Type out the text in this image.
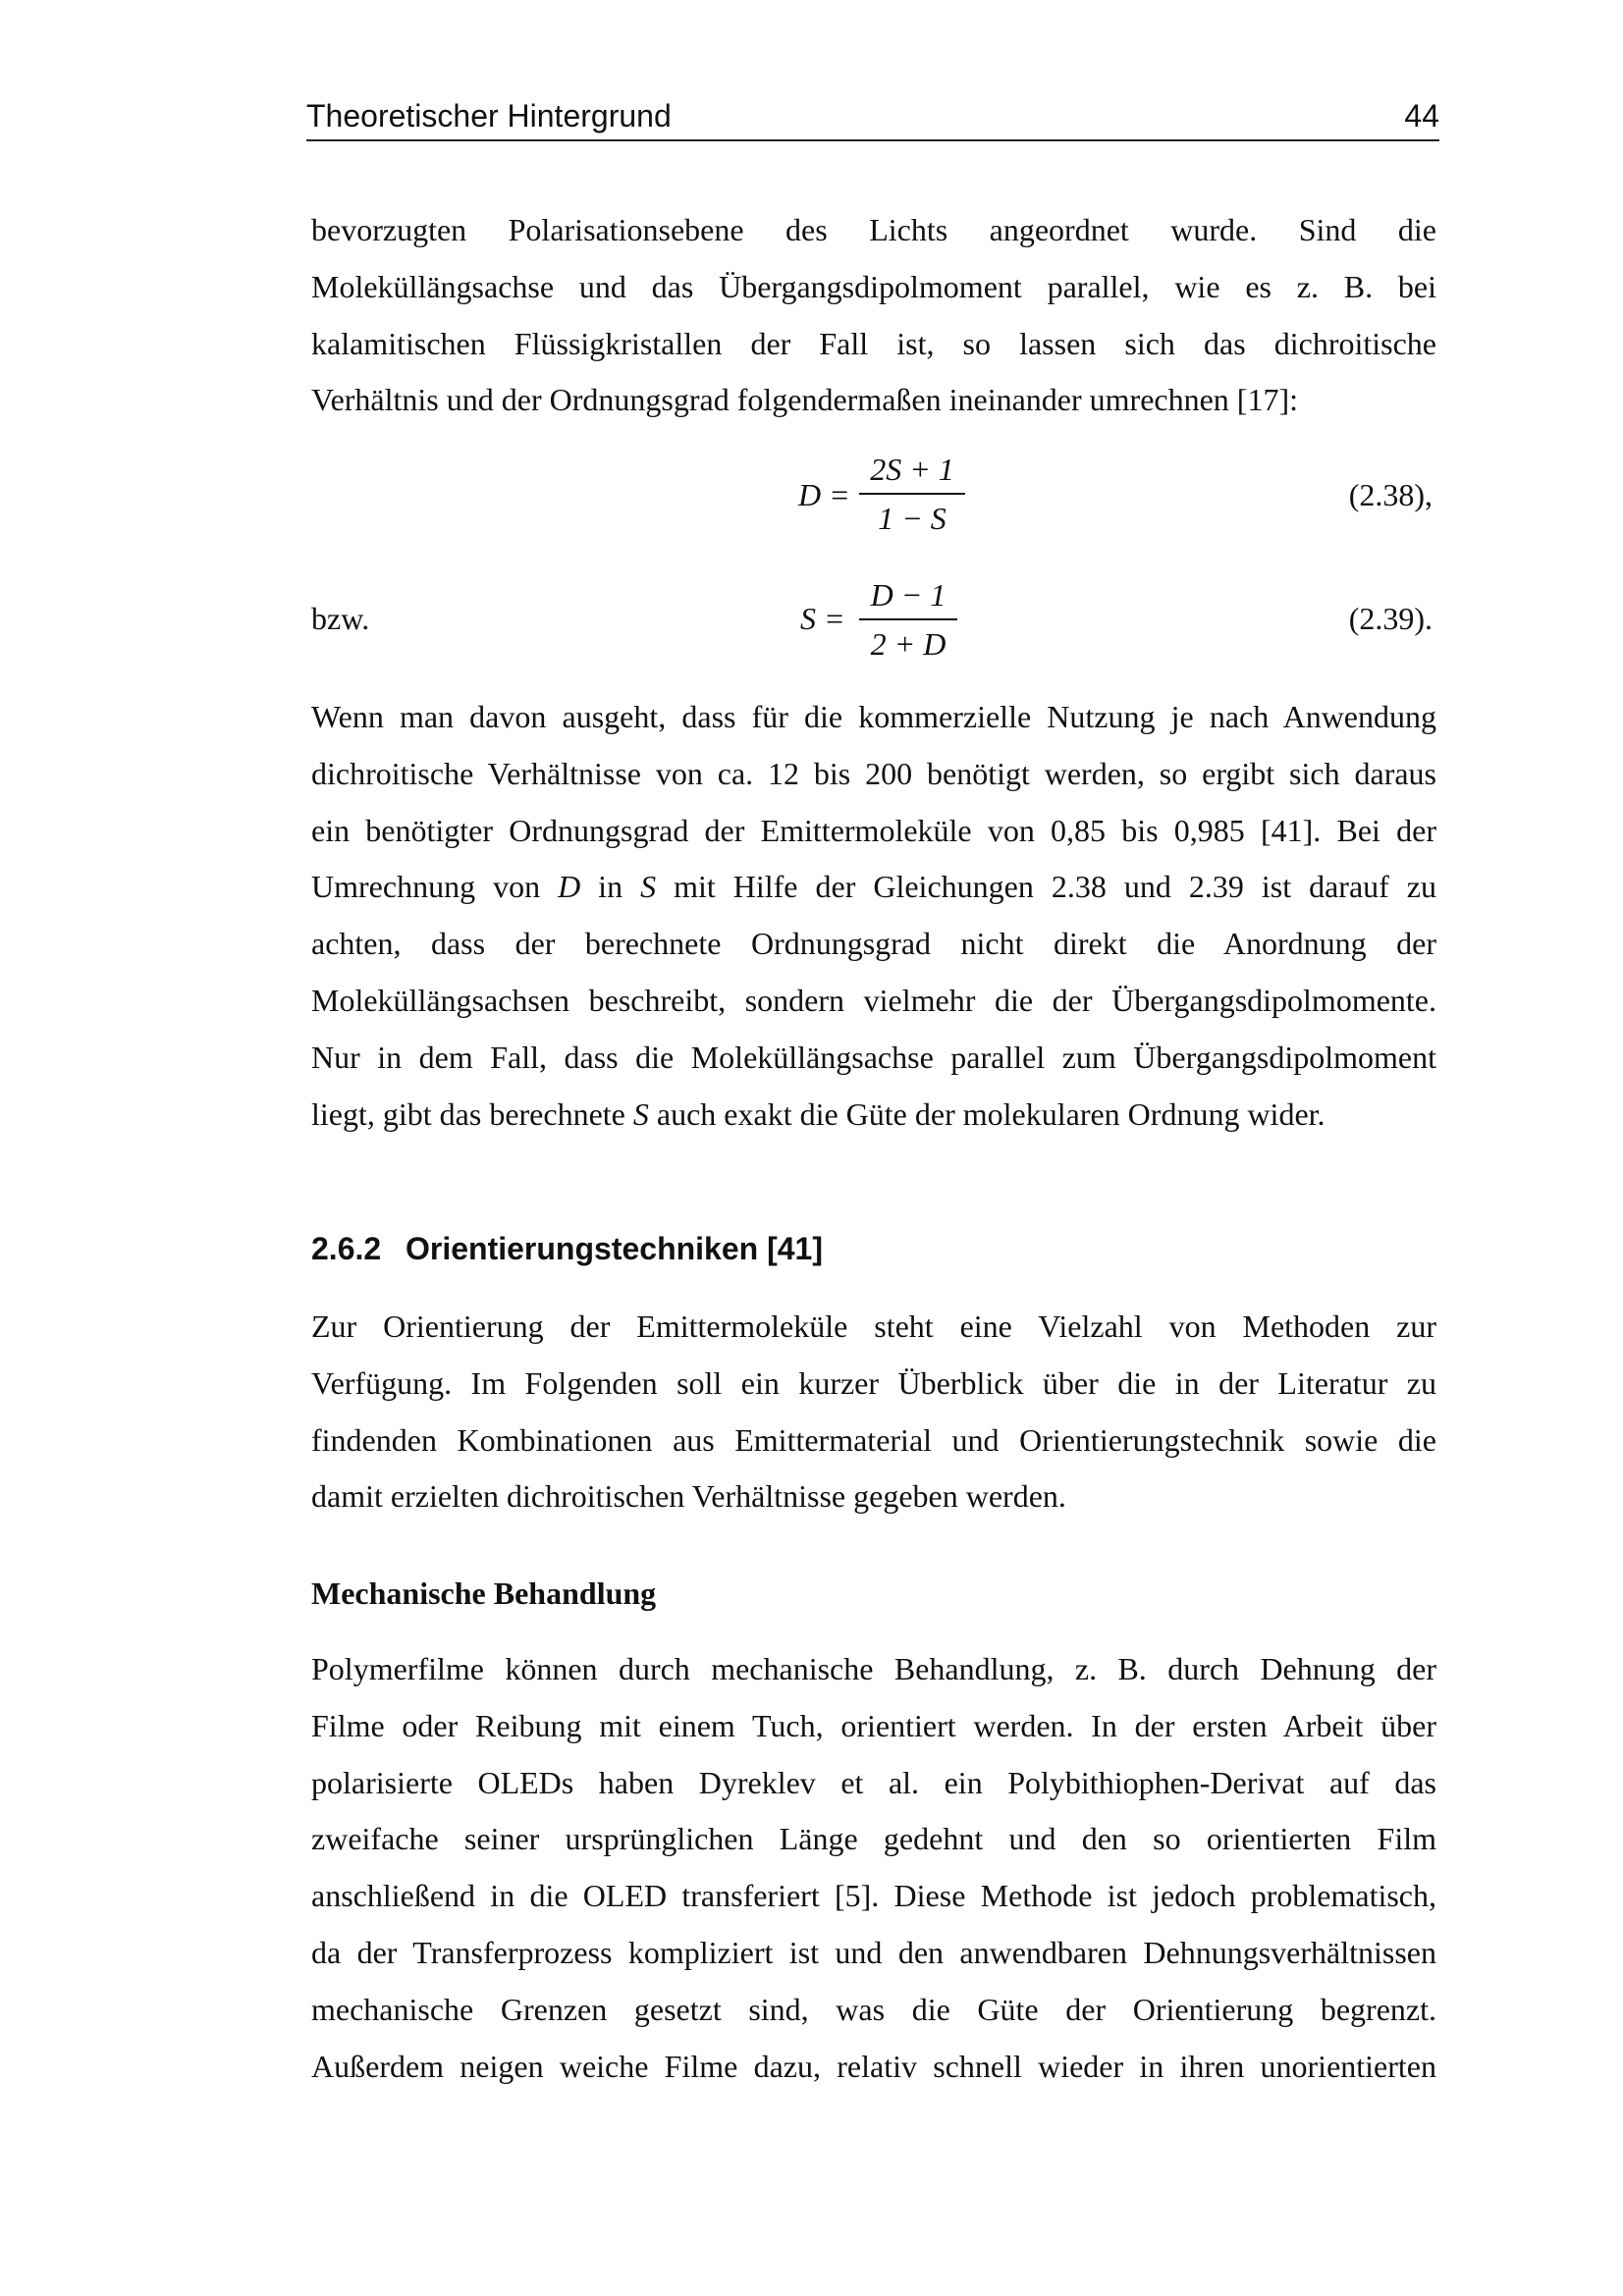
Theoretischer Hintergrund	44
bevorzugten Polarisationsebene des Lichts angeordnet wurde. Sind die
Moleküllängsachse und das Übergangsdipolmoment parallel, wie es z. B. bei
kalamitischen Flüssigkristallen der Fall ist, so lassen sich das dichroitische
Verhältnis und der Ordnungsgrad folgendermaßen ineinander umrechnen [17]:
D =
2S + 1
1 − S
(2.38),
bzw.	S =
D − 1
2 + D
(2.39).
Wenn man davon ausgeht, dass für die kommerzielle Nutzung je nach Anwendung
dichroitische Verhältnisse von ca. 12 bis 200 benötigt werden, so ergibt sich daraus
ein benötigter Ordnungsgrad der Emittermoleküle von 0,85 bis 0,985 [41]. Bei der
Umrechnung von D in S mit Hilfe der Gleichungen 2.38 und 2.39 ist darauf zu
achten, dass der berechnete Ordnungsgrad nicht direkt die Anordnung der
Moleküllängsachsen beschreibt, sondern vielmehr die der Übergangsdipolmomente.
Nur in dem Fall, dass die Moleküllängsachse parallel zum Übergangsdipolmoment
liegt, gibt das berechnete S auch exakt die Güte der molekularen Ordnung wider.
2.6.2 Orientierungstechniken [41]
Zur Orientierung der Emittermoleküle steht eine Vielzahl von Methoden zur
Verfügung. Im Folgenden soll ein kurzer Überblick über die in der Literatur zu
findenden Kombinationen aus Emittermaterial und Orientierungstechnik sowie die
damit erzielten dichroitischen Verhältnisse gegeben werden.
Mechanische Behandlung
Polymerfilme können durch mechanische Behandlung, z. B. durch Dehnung der
Filme oder Reibung mit einem Tuch, orientiert werden. In der ersten Arbeit über
polarisierte OLEDs haben Dyreklev et al. ein Polybithiophen-Derivat auf das
zweifache seiner ursprünglichen Länge gedehnt und den so orientierten Film
anschließend in die OLED transferiert [5]. Diese Methode ist jedoch problematisch,
da der Transferprozess kompliziert ist und den anwendbaren Dehnungsverhältnissen
mechanische Grenzen gesetzt sind, was die Güte der Orientierung begrenzt.
Außerdem neigen weiche Filme dazu, relativ schnell wieder in ihren unorientierten
